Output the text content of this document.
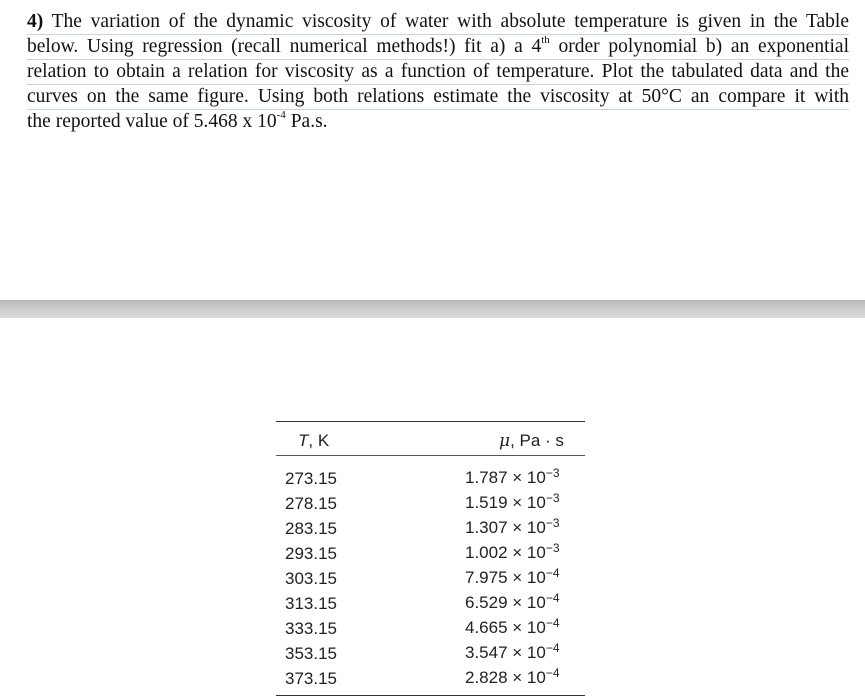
4) The variation of the dynamic viscosity of water with absolute temperature is given in the Table
below. Using regression (recall numerical methods!) fit a) a 4th order polynomial b) an exponential
relation to obtain a relation for viscosity as a function of temperature. Plot the tabulated data and the
curves on the same figure. Using both relations estimate the viscosity at 50°C an compare it with
the reported value of 5.468 x $10^{-4}$ Pa.s.
T, K	μ, Pa · s
273.15	$1.787 \times 10^{-3}$
278.15	$1.519 \times 10^{-3}$
283.15	$1.307 \times 10^{-3}$
293.15	$1.002 \times 10^{-3}$
303.15	$7.975 \times 10^{-4}$
313.15	$6.529 \times 10^{-4}$
333.15	$4.665 \times 10^{-4}$
353.15	$3.547 \times 10^{-4}$
373.15	$2.828 \times 10^{-4}$
